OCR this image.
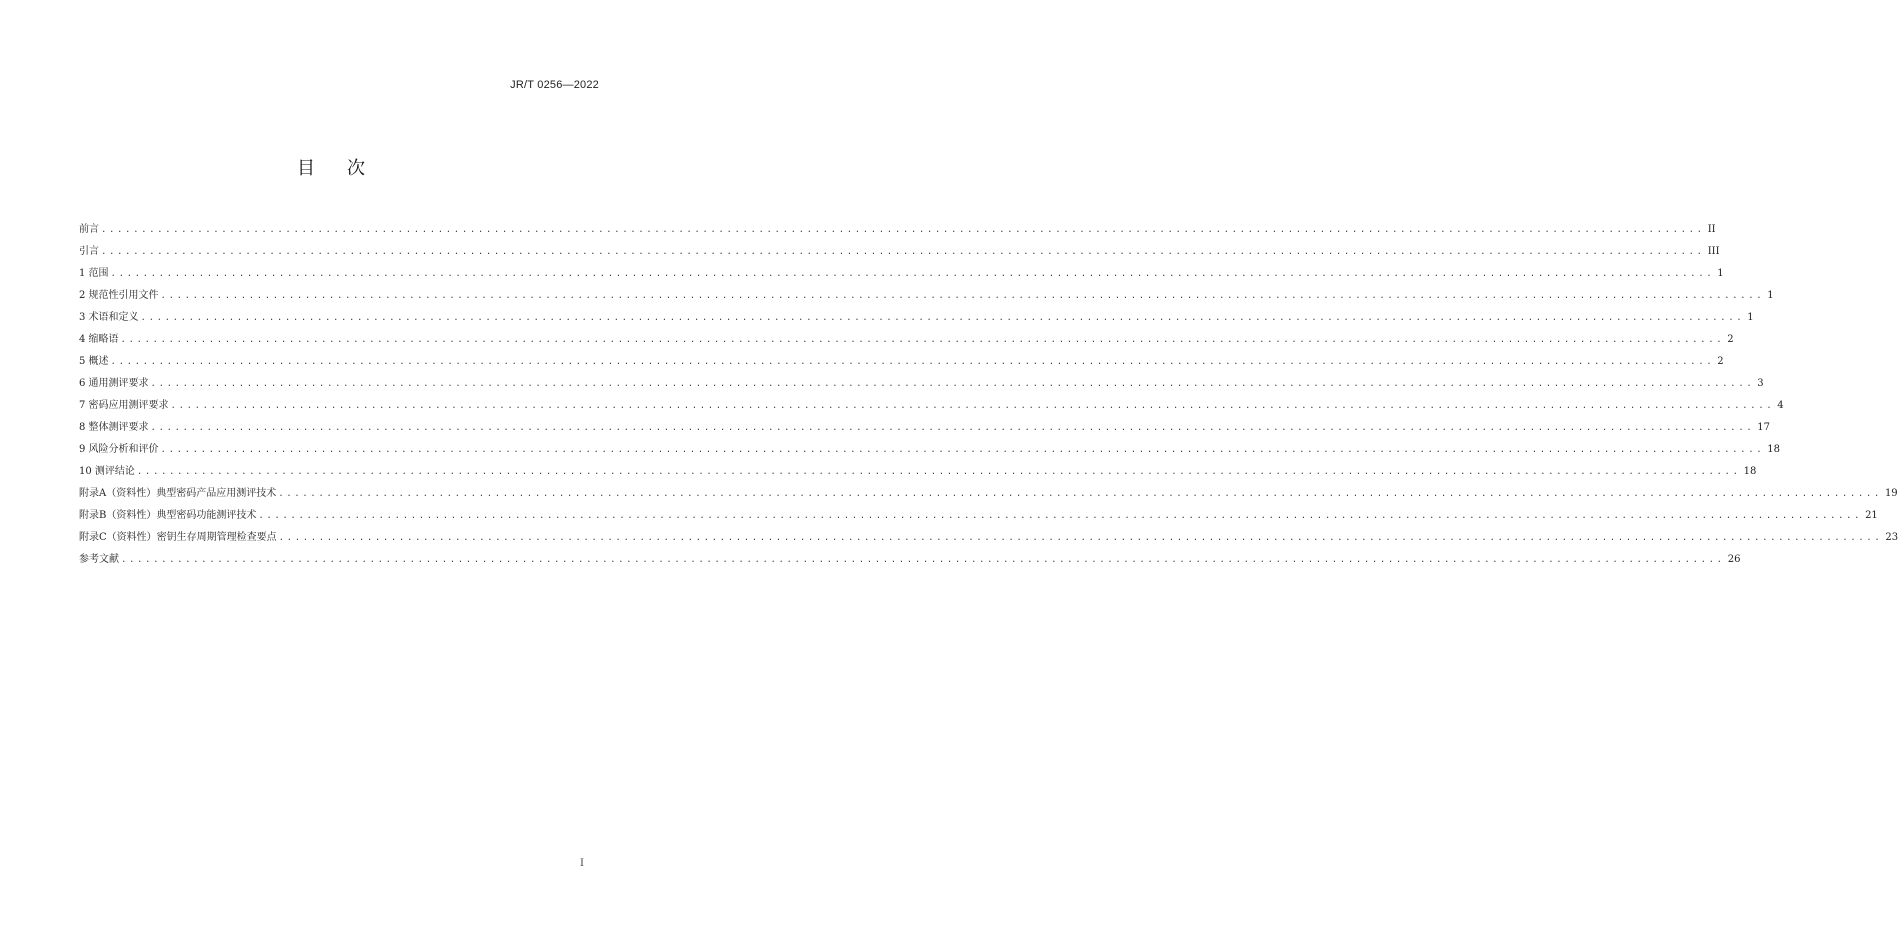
JR/T 0256—2022
目 次
前言 ........................................................................................................................................................................................................ II
引言 ........................................................................................................................................................................................................ III
1 范围 ........................................................................................................................................................................................................ 1
2 规范性引用文件 ........................................................................................................................................................................................................ 1
3 术语和定义 ........................................................................................................................................................................................................ 1
4 缩略语 ........................................................................................................................................................................................................ 2
5 概述 ........................................................................................................................................................................................................ 2
6 通用测评要求 ........................................................................................................................................................................................................ 3
7 密码应用测评要求 ........................................................................................................................................................................................................ 4
8 整体测评要求 ........................................................................................................................................................................................................ 17
9 风险分析和评价 ........................................................................................................................................................................................................ 18
10 测评结论 ........................................................................................................................................................................................................ 18
附录A（资料性）典型密码产品应用测评技术 ........................................................................................................................................................................................................ 19
附录B（资料性）典型密码功能测评技术 ........................................................................................................................................................................................................ 21
附录C（资料性）密钥生存周期管理检查要点 ........................................................................................................................................................................................................ 23
参考文献 ........................................................................................................................................................................................................ 26
I
